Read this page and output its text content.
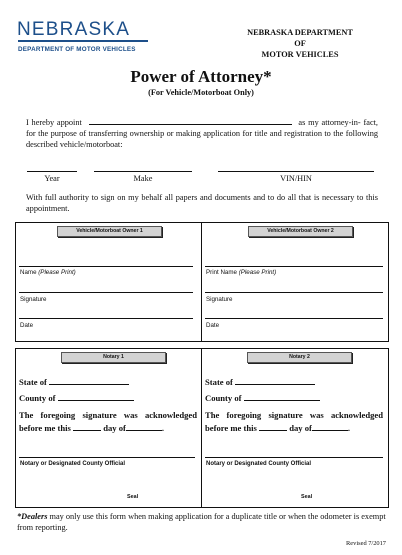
NEBRASKA
DEPARTMENT OF MOTOR VEHICLES
NEBRASKA DEPARTMENT
OF
MOTOR VEHICLES
Power of Attorney*
(For Vehicle/Motorboat Only)
I hereby appoint	as my attorney-in- fact, for the purpose of transferring ownership or making application for title and registration to the following described vehicle/motorboat:
Year	Make	VIN/HIN
With full authority to sign on my behalf all papers and documents and to do all that is necessary to this appointment.
Vehicle/Motorboat Owner 1	Vehicle/Motorboat Owner 2
Name (Please Print)
Signature
Date
Print Name (Please Print)
Signature
Date
Notary 1	Notary 2
State of
County of
The foregoing signature was acknowledged
before me this	day of	.
Notary or Designated County Official
Seal
State of
County of
The foregoing signature was acknowledged
before me this	day of	.
Notary or Designated County Official
Seal
*Dealers may only use this form when making application for a duplicate title or when the odometer is exempt from reporting.
Revised 7/2017
